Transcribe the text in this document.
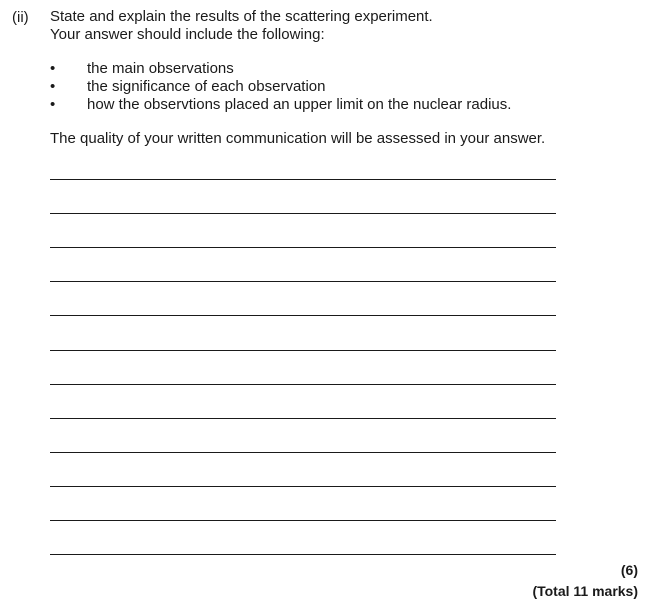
(ii) State and explain the results of the scattering experiment.
Your answer should include the following:
•	the main observations
•	the significance of each observation
•	how the observtions placed an upper limit on the nuclear radius.
The quality of your written communication will be assessed in your answer.
(6)
(Total 11 marks)
